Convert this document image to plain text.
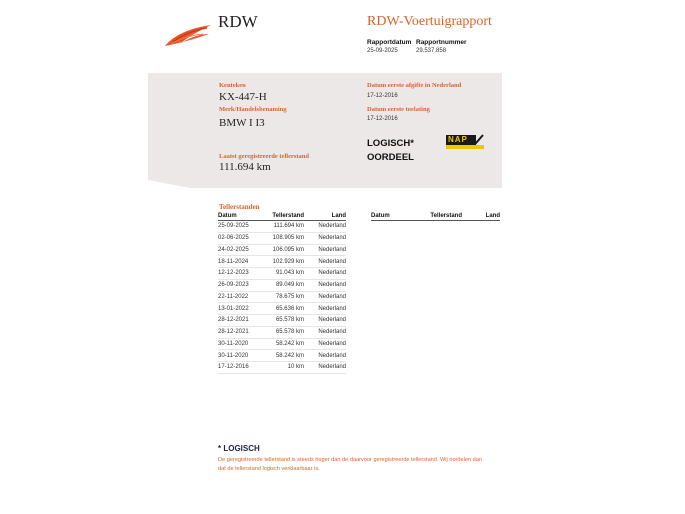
RDW	RDW-Voertuigrapport
Rapportdatum
25-09-2025
Rapportnummer
29.537.858
Kenteken
KX-447-H
Merk/Handelsbenaming
BMW I I3
Laatst geregistreerde tellerstand
111.694 km
Datum eerste afgifte in Nederland
17-12-2016
Datum eerste toelating
17-12-2016
LOGISCH*
OORDEEL
NAP
Tellerstanden
Datum	Tellerstand	Land
25-09-2025	111.694 km	Nederland
02-06-2025	108.905 km	Nederland
24-02-2025	106.095 km	Nederland
18-11-2024	102.929 km	Nederland
12-12-2023	91.043 km	Nederland
26-09-2023	89.049 km	Nederland
22-11-2022	78.675 km	Nederland
13-01-2022	65.636 km	Nederland
28-12-2021	65.578 km	Nederland
28-12-2021	65.578 km	Nederland
30-11-2020	58.242 km	Nederland
30-11-2020	58.242 km	Nederland
17-12-2016	10 km	Nederland
Datum	Tellerstand	Land
* LOGISCH
De geregistreerde tellerstand is steeds hoger dan de daarvoor geregistreerde tellerstand. Wij oordelen dan
dat de tellerstand logisch verklaarbaar is.
